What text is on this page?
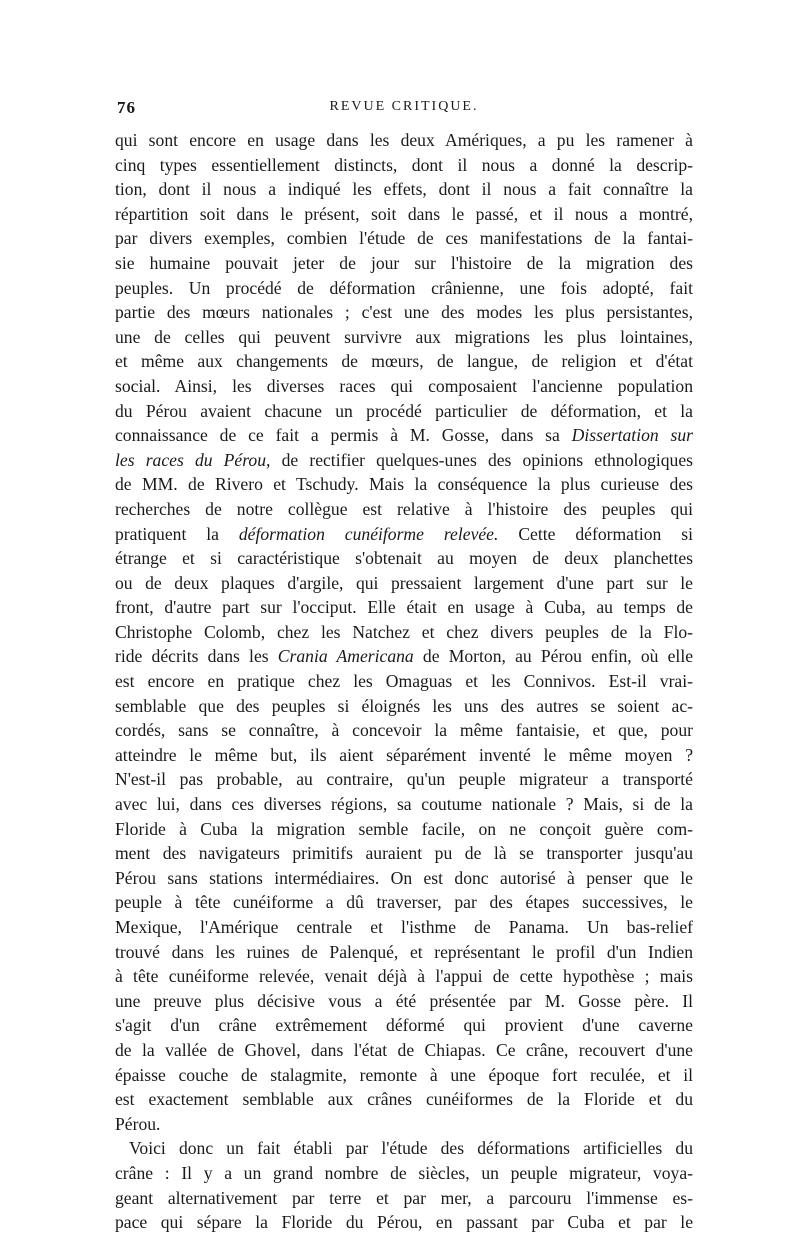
76	REVUE CRITIQUE.
qui sont encore en usage dans les deux Amériques, a pu les ramener à
cinq types essentiellement distincts, dont il nous a donné la descrip-
tion, dont il nous a indiqué les effets, dont il nous a fait connaître la
répartition soit dans le présent, soit dans le passé, et il nous a montré,
par divers exemples, combien l'étude de ces manifestations de la fantai-
sie humaine pouvait jeter de jour sur l'histoire de la migration des
peuples. Un procédé de déformation crânienne, une fois adopté, fait
partie des mœurs nationales ; c'est une des modes les plus persistantes,
une de celles qui peuvent survivre aux migrations les plus lointaines,
et même aux changements de mœurs, de langue, de religion et d'état
social. Ainsi, les diverses races qui composaient l'ancienne population
du Pérou avaient chacune un procédé particulier de déformation, et la
connaissance de ce fait a permis à M. Gosse, dans sa Dissertation sur
les races du Pérou, de rectifier quelques-unes des opinions ethnologiques
de MM. de Rivero et Tschudy. Mais la conséquence la plus curieuse des
recherches de notre collègue est relative à l'histoire des peuples qui
pratiquent la déformation cunéiforme relevée. Cette déformation si
étrange et si caractéristique s'obtenait au moyen de deux planchettes
ou de deux plaques d'argile, qui pressaient largement d'une part sur le
front, d'autre part sur l'occiput. Elle était en usage à Cuba, au temps de
Christophe Colomb, chez les Natchez et chez divers peuples de la Flo-
ride décrits dans les Crania Americana de Morton, au Pérou enfin, où elle
est encore en pratique chez les Omaguas et les Connivos. Est-il vrai-
semblable que des peuples si éloignés les uns des autres se soient ac-
cordés, sans se connaître, à concevoir la même fantaisie, et que, pour
atteindre le même but, ils aient séparément inventé le même moyen ?
N'est-il pas probable, au contraire, qu'un peuple migrateur a transporté
avec lui, dans ces diverses régions, sa coutume nationale ? Mais, si de la
Floride à Cuba la migration semble facile, on ne conçoit guère com-
ment des navigateurs primitifs auraient pu de là se transporter jusqu'au
Pérou sans stations intermédiaires. On est donc autorisé à penser que le
peuple à tête cunéiforme a dû traverser, par des étapes successives, le
Mexique, l'Amérique centrale et l'isthme de Panama. Un bas-relief
trouvé dans les ruines de Palenqué, et représentant le profil d'un Indien
à tête cunéiforme relevée, venait déjà à l'appui de cette hypothèse ; mais
une preuve plus décisive vous a été présentée par M. Gosse père. Il
s'agit d'un crâne extrêmement déformé qui provient d'une caverne
de la vallée de Ghovel, dans l'état de Chiapas. Ce crâne, recouvert d'une
épaisse couche de stalagmite, remonte à une époque fort reculée, et il
est exactement semblable aux crânes cunéiformes de la Floride et du
Pérou.
Voici donc un fait établi par l'étude des déformations artificielles du
crâne : Il y a un grand nombre de siècles, un peuple migrateur, voya-
geant alternativement par terre et par mer, a parcouru l'immense es-
pace qui sépare la Floride du Pérou, en passant par Cuba et par le
